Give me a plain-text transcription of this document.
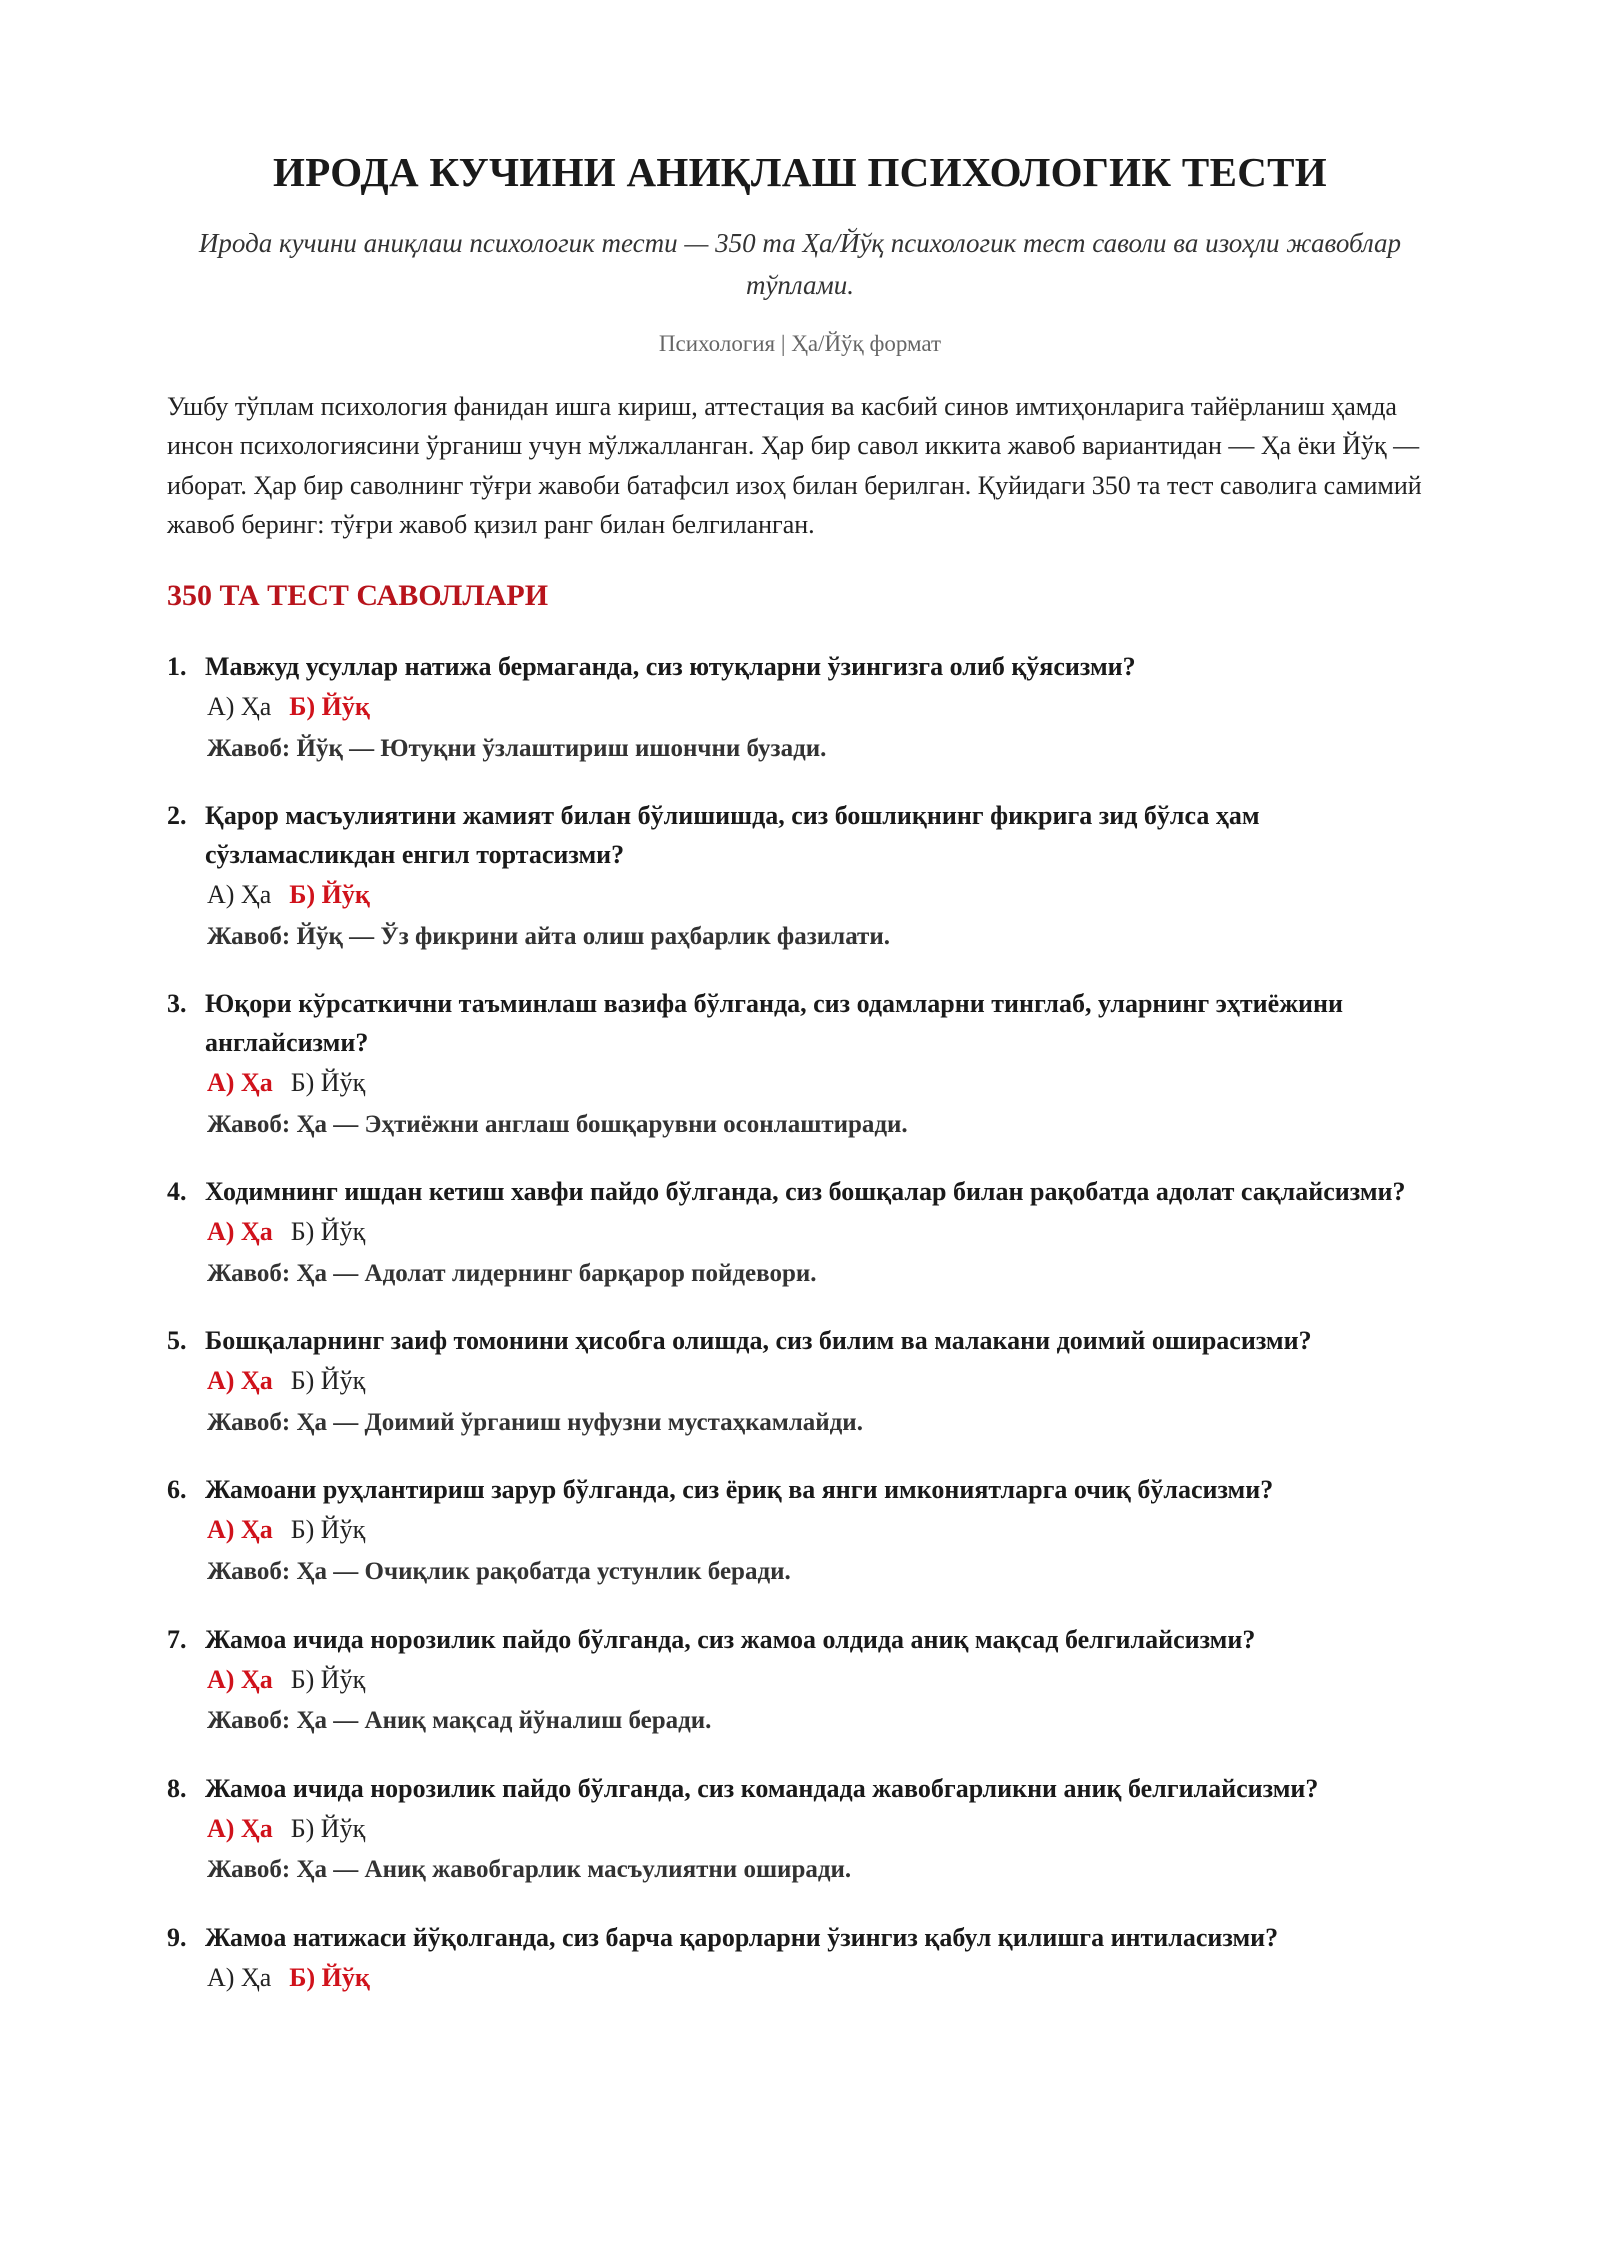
ИРОДА КУЧИНИ АНИҚЛАШ ПСИХОЛОГИК ТЕСТИ
Ирода кучини аниқлаш психологик тести — 350 та Ҳа/Йўқ психологик тест саволи ва изоҳли жавоблар тўплами.
Психология | Ҳа/Йўқ формат
Ушбу тўплам психология фанидан ишга кириш, аттестация ва касбий синов имтиҳонларига тайёрланиш ҳамда инсон психологиясини ўрганиш учун мўлжалланган. Ҳар бир савол иккита жавоб вариантидан — Ҳа ёки Йўқ — иборат. Ҳар бир саволнинг тўғри жавоби батафсил изоҳ билан берилган. Қуйидаги 350 та тест саволига самимий жавоб беринг: тўғри жавоб қизил ранг билан белгиланган.
350 ТА ТЕСТ САВОЛЛАРИ
1. Мавжуд усуллар натижа бермаганда, сиз ютуқларни ўзингизга олиб қўясизми?
А) Ҳа Б) Йўқ
Жавоб: Йўқ — Ютуқни ўзлаштириш ишончни бузади.
2. Қарор масъулиятини жамият билан бўлишишда, сиз бошлиқнинг фикрига зид бўлса ҳам сўзламасликдан енгил тортасизми?
А) Ҳа Б) Йўқ
Жавоб: Йўқ — Ўз фикрини айта олиш раҳбарлик фазилати.
3. Юқори кўрсаткични таъминлаш вазифа бўлганда, сиз одамларни тинглаб, уларнинг эҳтиёжини англайсизми?
А) Ҳа Б) Йўқ
Жавоб: Ҳа — Эҳтиёжни англаш бошқарувни осонлаштиради.
4. Ходимнинг ишдан кетиш хавфи пайдо бўлганда, сиз бошқалар билан рақобатда адолат сақлайсизми?
А) Ҳа Б) Йўқ
Жавоб: Ҳа — Адолат лидернинг барқарор пойдевори.
5. Бошқаларнинг заиф томонини ҳисобга олишда, сиз билим ва малакани доимий оширасизми?
А) Ҳа Б) Йўқ
Жавоб: Ҳа — Доимий ўрганиш нуфузни мустаҳкамлайди.
6. Жамоани руҳлантириш зарур бўлганда, сиз ёриқ ва янги имкониятларга очиқ бўласизми?
А) Ҳа Б) Йўқ
Жавоб: Ҳа — Очиқлик рақобатда устунлик беради.
7. Жамоа ичида норозилик пайдо бўлганда, сиз жамоа олдида аниқ мақсад белгилайсизми?
А) Ҳа Б) Йўқ
Жавоб: Ҳа — Аниқ мақсад йўналиш беради.
8. Жамоа ичида норозилик пайдо бўлганда, сиз командада жавобгарликни аниқ белгилайсизми?
А) Ҳа Б) Йўқ
Жавоб: Ҳа — Аниқ жавобгарлик масъулиятни оширади.
9. Жамоа натижаси йўқолганда, сиз барча қарорларни ўзингиз қабул қилишга интиласизми?
А) Ҳа Б) Йўқ
